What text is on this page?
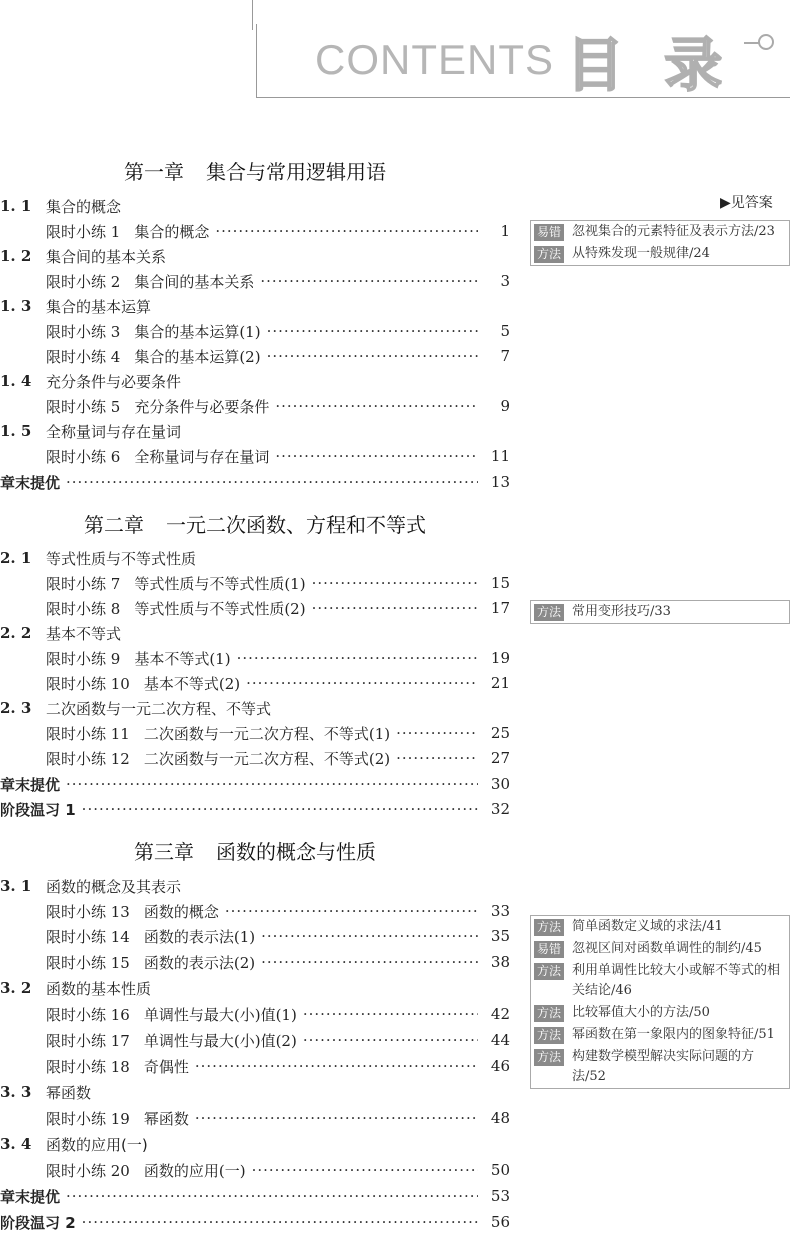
CONTENTS 目 录
第一章 集合与常用逻辑用语
第二章 一元二次函数、方程和不等式
第三章 函数的概念与性质
▶见答案
1. 1 集合的概念
限时小练 1 集合的概念 ·····	1
1. 2 集合间的基本关系
限时小练 2 集合间的基本关系 ·····	3
1. 3 集合的基本运算
限时小练 3 集合的基本运算(1) ·····	5
限时小练 4 集合的基本运算(2) ·····	7
1. 4 充分条件与必要条件
限时小练 5 充分条件与必要条件 ·····	9
1. 5 全称量词与存在量词
限时小练 6 全称量词与存在量词 ·····	11
章末提优 ·····	13
2. 1 等式性质与不等式性质
限时小练 7 等式性质与不等式性质(1) ·····	15
限时小练 8 等式性质与不等式性质(2) ·····	17
2. 2 基本不等式
限时小练 9 基本不等式(1) ·····	19
限时小练 10 基本不等式(2) ·····	21
2. 3 二次函数与一元二次方程、不等式
限时小练 11 二次函数与一元二次方程、不等式(1) ·····	25
限时小练 12 二次函数与一元二次方程、不等式(2) ·····	27
章末提优 ·····	30
阶段温习 1 ·····	32
3. 1 函数的概念及其表示
限时小练 13 函数的概念 ·····	33
限时小练 14 函数的表示法(1) ·····	35
限时小练 15 函数的表示法(2) ·····	38
3. 2 函数的基本性质
限时小练 16 单调性与最大(小)值(1) ·····	42
限时小练 17 单调性与最大(小)值(2) ·····	44
限时小练 18 奇偶性 ·····	46
3. 3 幂函数
限时小练 19 幂函数 ·····	48
3. 4 函数的应用(一)
限时小练 20 函数的应用(一) ·····	50
章末提优 ·····	53
阶段温习 2 ·····	56
易错 忽视集合的元素特征及表示方法/23
方法 从特殊发现一般规律/24
方法 常用变形技巧/33
方法 简单函数定义域的求法/41
易错 忽视区间对函数单调性的制约/45
方法 利用单调性比较大小或解不等式的相关结论/46
方法 比较幂值大小的方法/50
方法 幂函数在第一象限内的图象特征/51
方法 构建数学模型解决实际问题的方法/52
